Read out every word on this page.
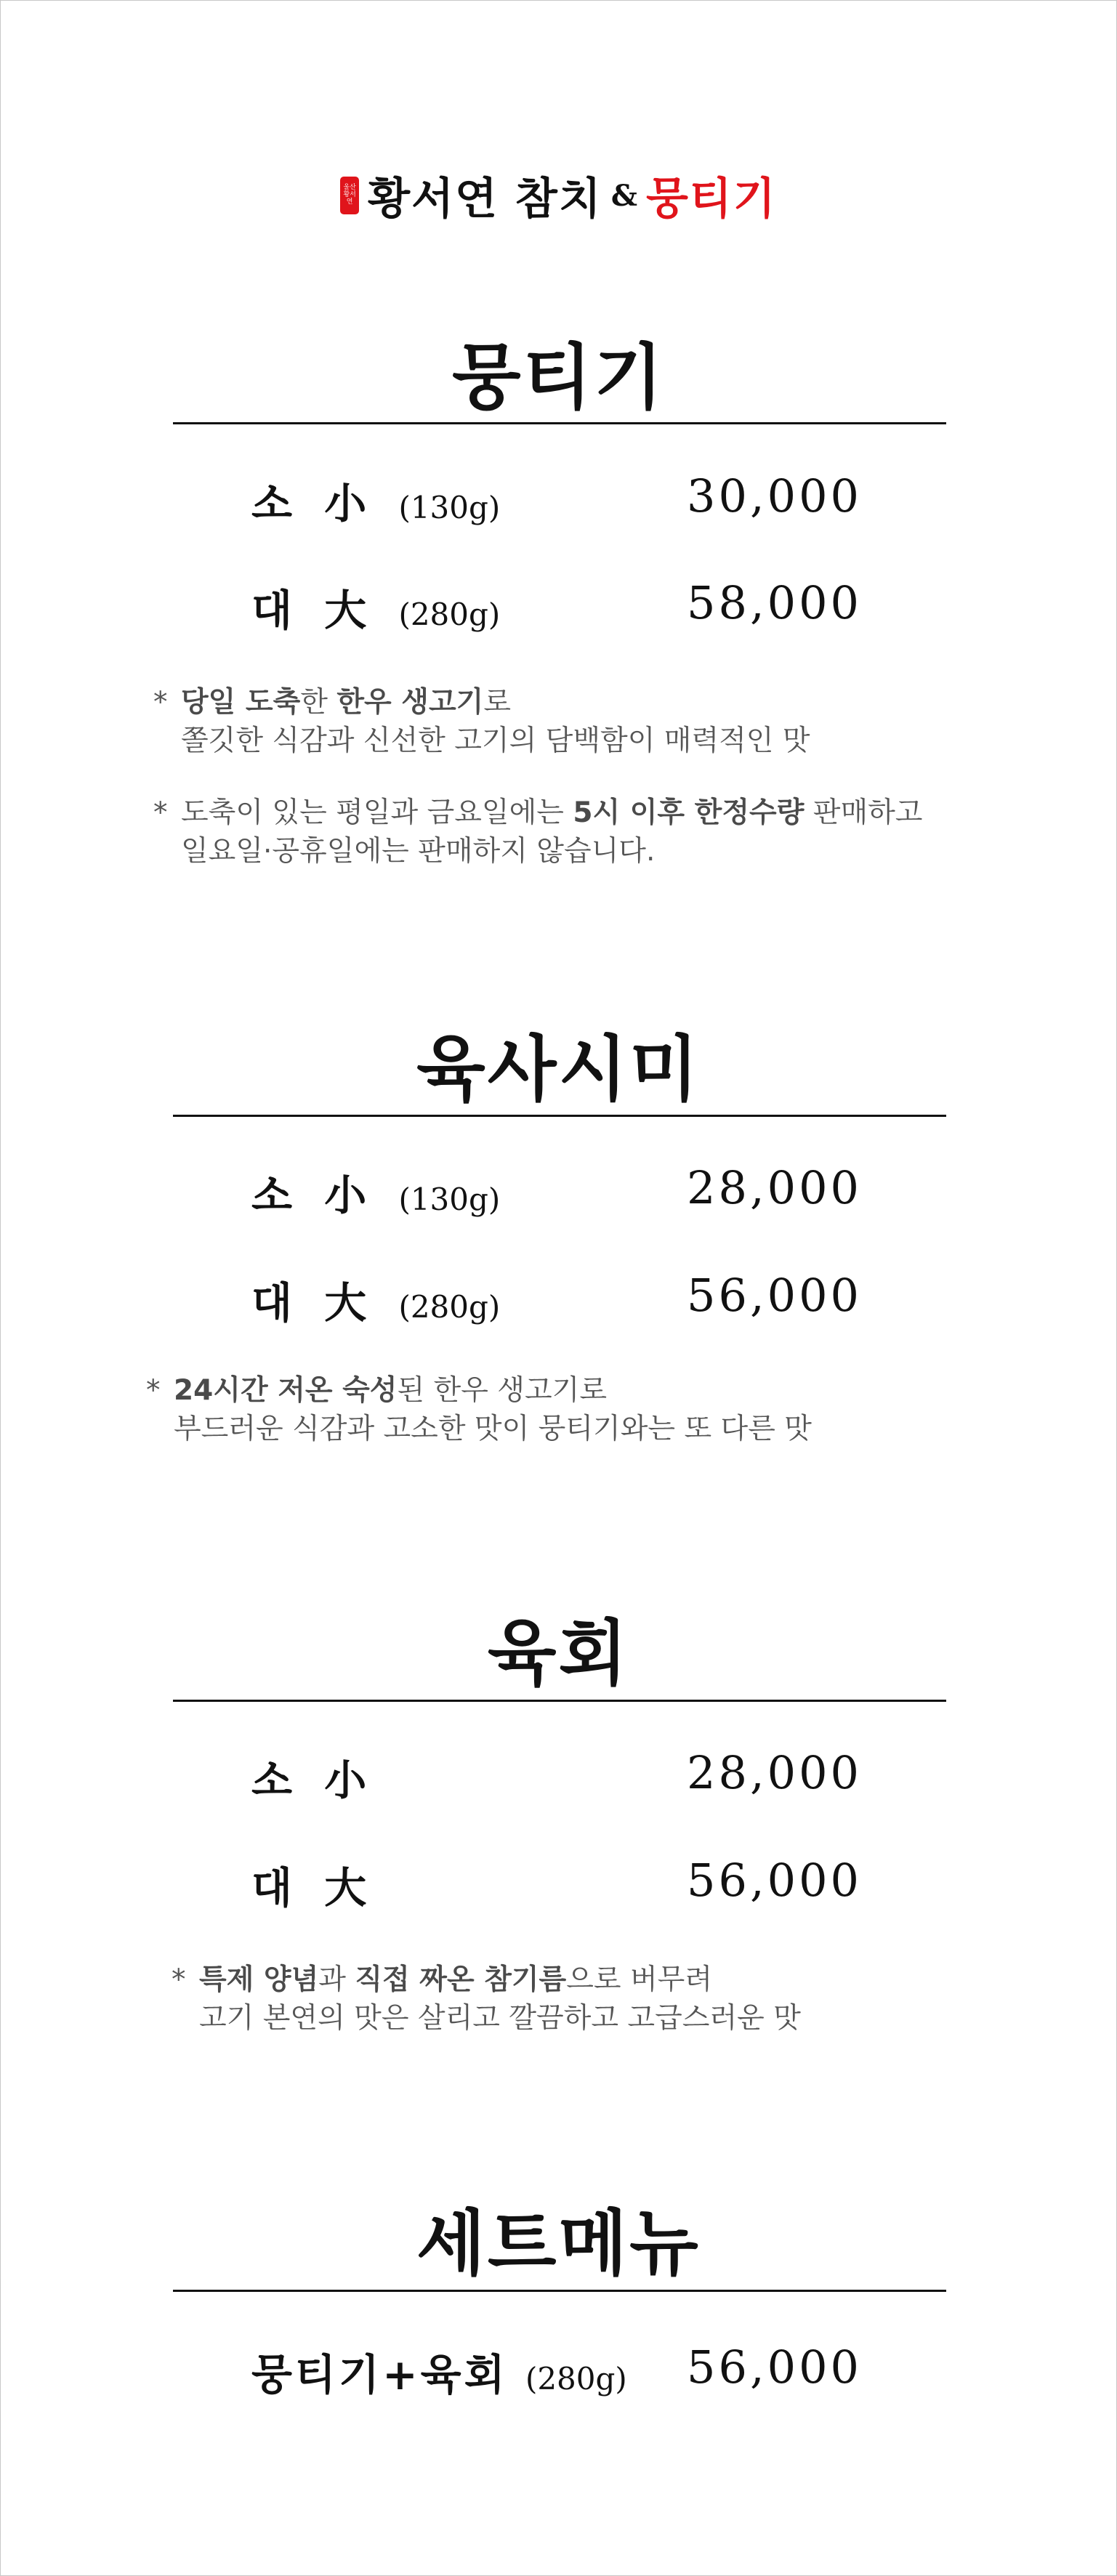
울산황서연 황서연 참치 & 뭉티기
뭉티기
소 小 (130g)	30,000
대 大 (280g)	58,000
* 당일 도축한 한우 생고기로
쫄깃한 식감과 신선한 고기의 담백함이 매력적인 맛
* 도축이 있는 평일과 금요일에는 5시 이후 한정수량 판매하고
일요일·공휴일에는 판매하지 않습니다.
육사시미
소 小 (130g)	28,000
대 大 (280g)	56,000
* 24시간 저온 숙성된 한우 생고기로
부드러운 식감과 고소한 맛이 뭉티기와는 또 다른 맛
육회
소 小	28,000
대 大	56,000
* 특제 양념과 직접 짜온 참기름으로 버무려
고기 본연의 맛은 살리고 깔끔하고 고급스러운 맛
세트메뉴
뭉티기+육회 (280g) 56,000
